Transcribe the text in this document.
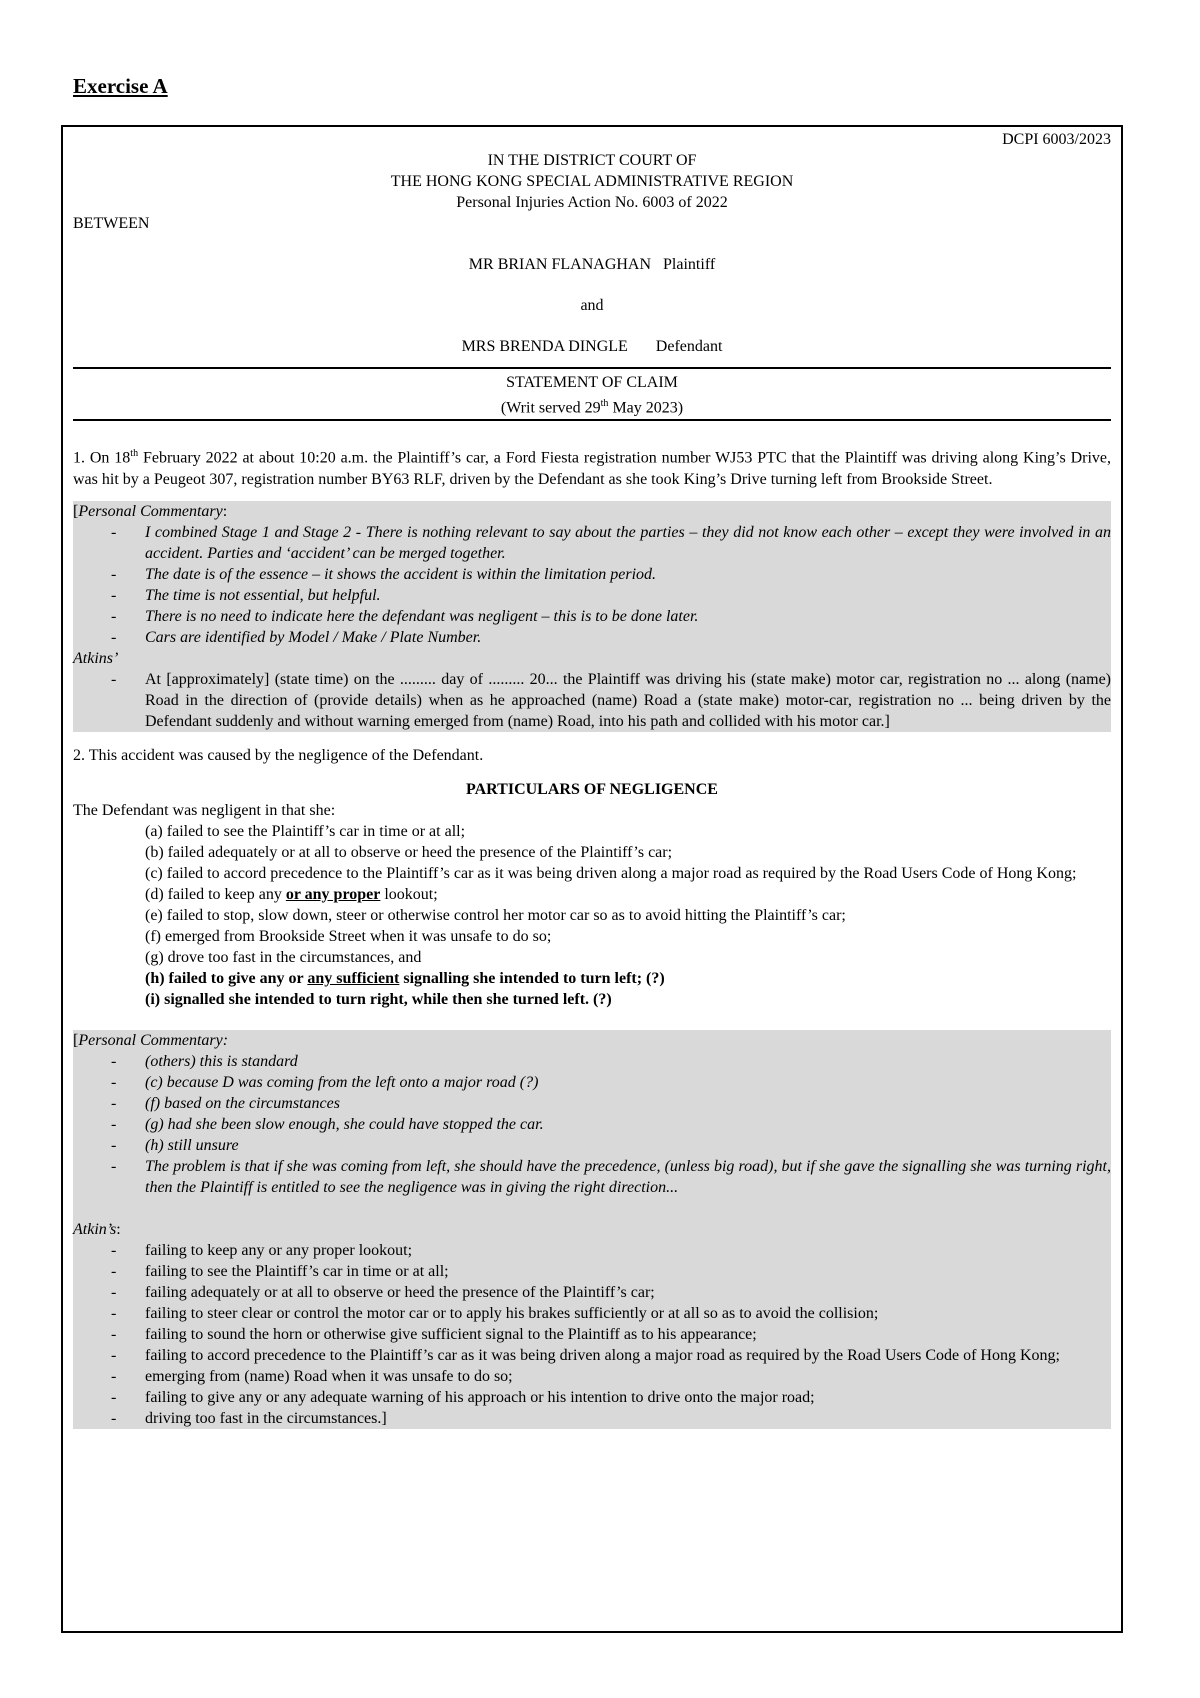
Exercise A
DCPI 6003/2023
IN THE DISTRICT COURT OF
THE HONG KONG SPECIAL ADMINISTRATIVE REGION
Personal Injuries Action No. 6003 of 2022
BETWEEN
MR BRIAN FLANAGHAN Plaintiff
and
MRS BRENDA DINGLE Defendant
STATEMENT OF CLAIM
(Writ served 29th May 2023)
1. On 18th February 2022 at about 10:20 a.m. the Plaintiff’s car, a Ford Fiesta registration number WJ53 PTC that the Plaintiff was driving along King’s Drive, was hit by a Peugeot 307, registration number BY63 RLF, driven by the Defendant as she took King’s Drive turning left from Brookside Street.
[Personal Commentary:
- I combined Stage 1 and Stage 2 - There is nothing relevant to say about the parties – they did not know each other – except they were involved in an accident. Parties and ‘accident’ can be merged together.
- The date is of the essence – it shows the accident is within the limitation period.
- The time is not essential, but helpful.
- There is no need to indicate here the defendant was negligent – this is to be done later.
- Cars are identified by Model / Make / Plate Number.
Atkins’
- At [approximately] (state time) on the ......... day of ......... 20... the Plaintiff was driving his (state make) motor car, registration no ... along (name) Road in the direction of (provide details) when as he approached (name) Road a (state make) motor-car, registration no ... being driven by the Defendant suddenly and without warning emerged from (name) Road, into his path and collided with his motor car.]
2. This accident was caused by the negligence of the Defendant.
PARTICULARS OF NEGLIGENCE
The Defendant was negligent in that she:
(a) failed to see the Plaintiff’s car in time or at all;
(b) failed adequately or at all to observe or heed the presence of the Plaintiff’s car;
(c) failed to accord precedence to the Plaintiff’s car as it was being driven along a major road as required by the Road Users Code of Hong Kong;
(d) failed to keep any or any proper lookout;
(e) failed to stop, slow down, steer or otherwise control her motor car so as to avoid hitting the Plaintiff’s car;
(f) emerged from Brookside Street when it was unsafe to do so;
(g) drove too fast in the circumstances, and
(h) failed to give any or any sufficient signalling she intended to turn left; (?)
(i) signalled she intended to turn right, while then she turned left. (?)
[Personal Commentary:
- (others) this is standard
- (c) because D was coming from the left onto a major road (?)
- (f) based on the circumstances
- (g) had she been slow enough, she could have stopped the car.
- (h) still unsure
- The problem is that if she was coming from left, she should have the precedence, (unless big road), but if she gave the signalling she was turning right, then the Plaintiff is entitled to see the negligence was in giving the right direction...
Atkin’s:
- failing to keep any or any proper lookout;
- failing to see the Plaintiff’s car in time or at all;
- failing adequately or at all to observe or heed the presence of the Plaintiff’s car;
- failing to steer clear or control the motor car or to apply his brakes sufficiently or at all so as to avoid the collision;
- failing to sound the horn or otherwise give sufficient signal to the Plaintiff as to his appearance;
- failing to accord precedence to the Plaintiff’s car as it was being driven along a major road as required by the Road Users Code of Hong Kong;
- emerging from (name) Road when it was unsafe to do so;
- failing to give any or any adequate warning of his approach or his intention to drive onto the major road;
- driving too fast in the circumstances.]
